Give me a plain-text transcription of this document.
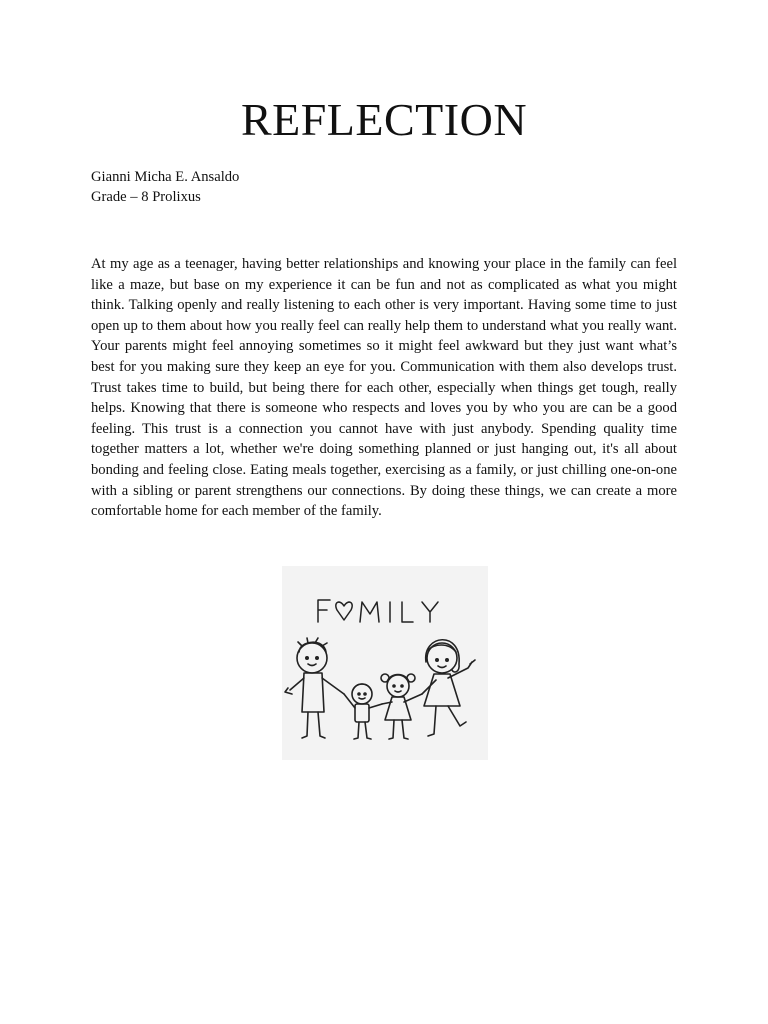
REFLECTION
Gianni Micha E. Ansaldo
Grade – 8 Prolixus

At my age as a teenager, having better relationships and knowing your place in the family can feel like a maze, but base on my experience it can be fun and not as complicated as what you might think. Talking openly and really listening to each other is very important. Having some time to just open up to them about how you really feel can really help them to understand what you really want. Your parents might feel annoying sometimes so it might feel awkward but they just want what’s best for you making sure they keep an eye for you. Communication with them also develops trust. Trust takes time to build, but being there for each other, especially when things get tough, really helps. Knowing that there is someone who respects and loves you by who you are can be a good feeling. This trust is a connection you cannot have with just anybody. Spending quality time together matters a lot, whether we're doing something planned or just hanging out, it's all about bonding and feeling close. Eating meals together, exercising as a family, or just chilling one-on-one with a sibling or parent strengthens our connections. By doing these things, we can create a more comfortable home for each member of the family.
